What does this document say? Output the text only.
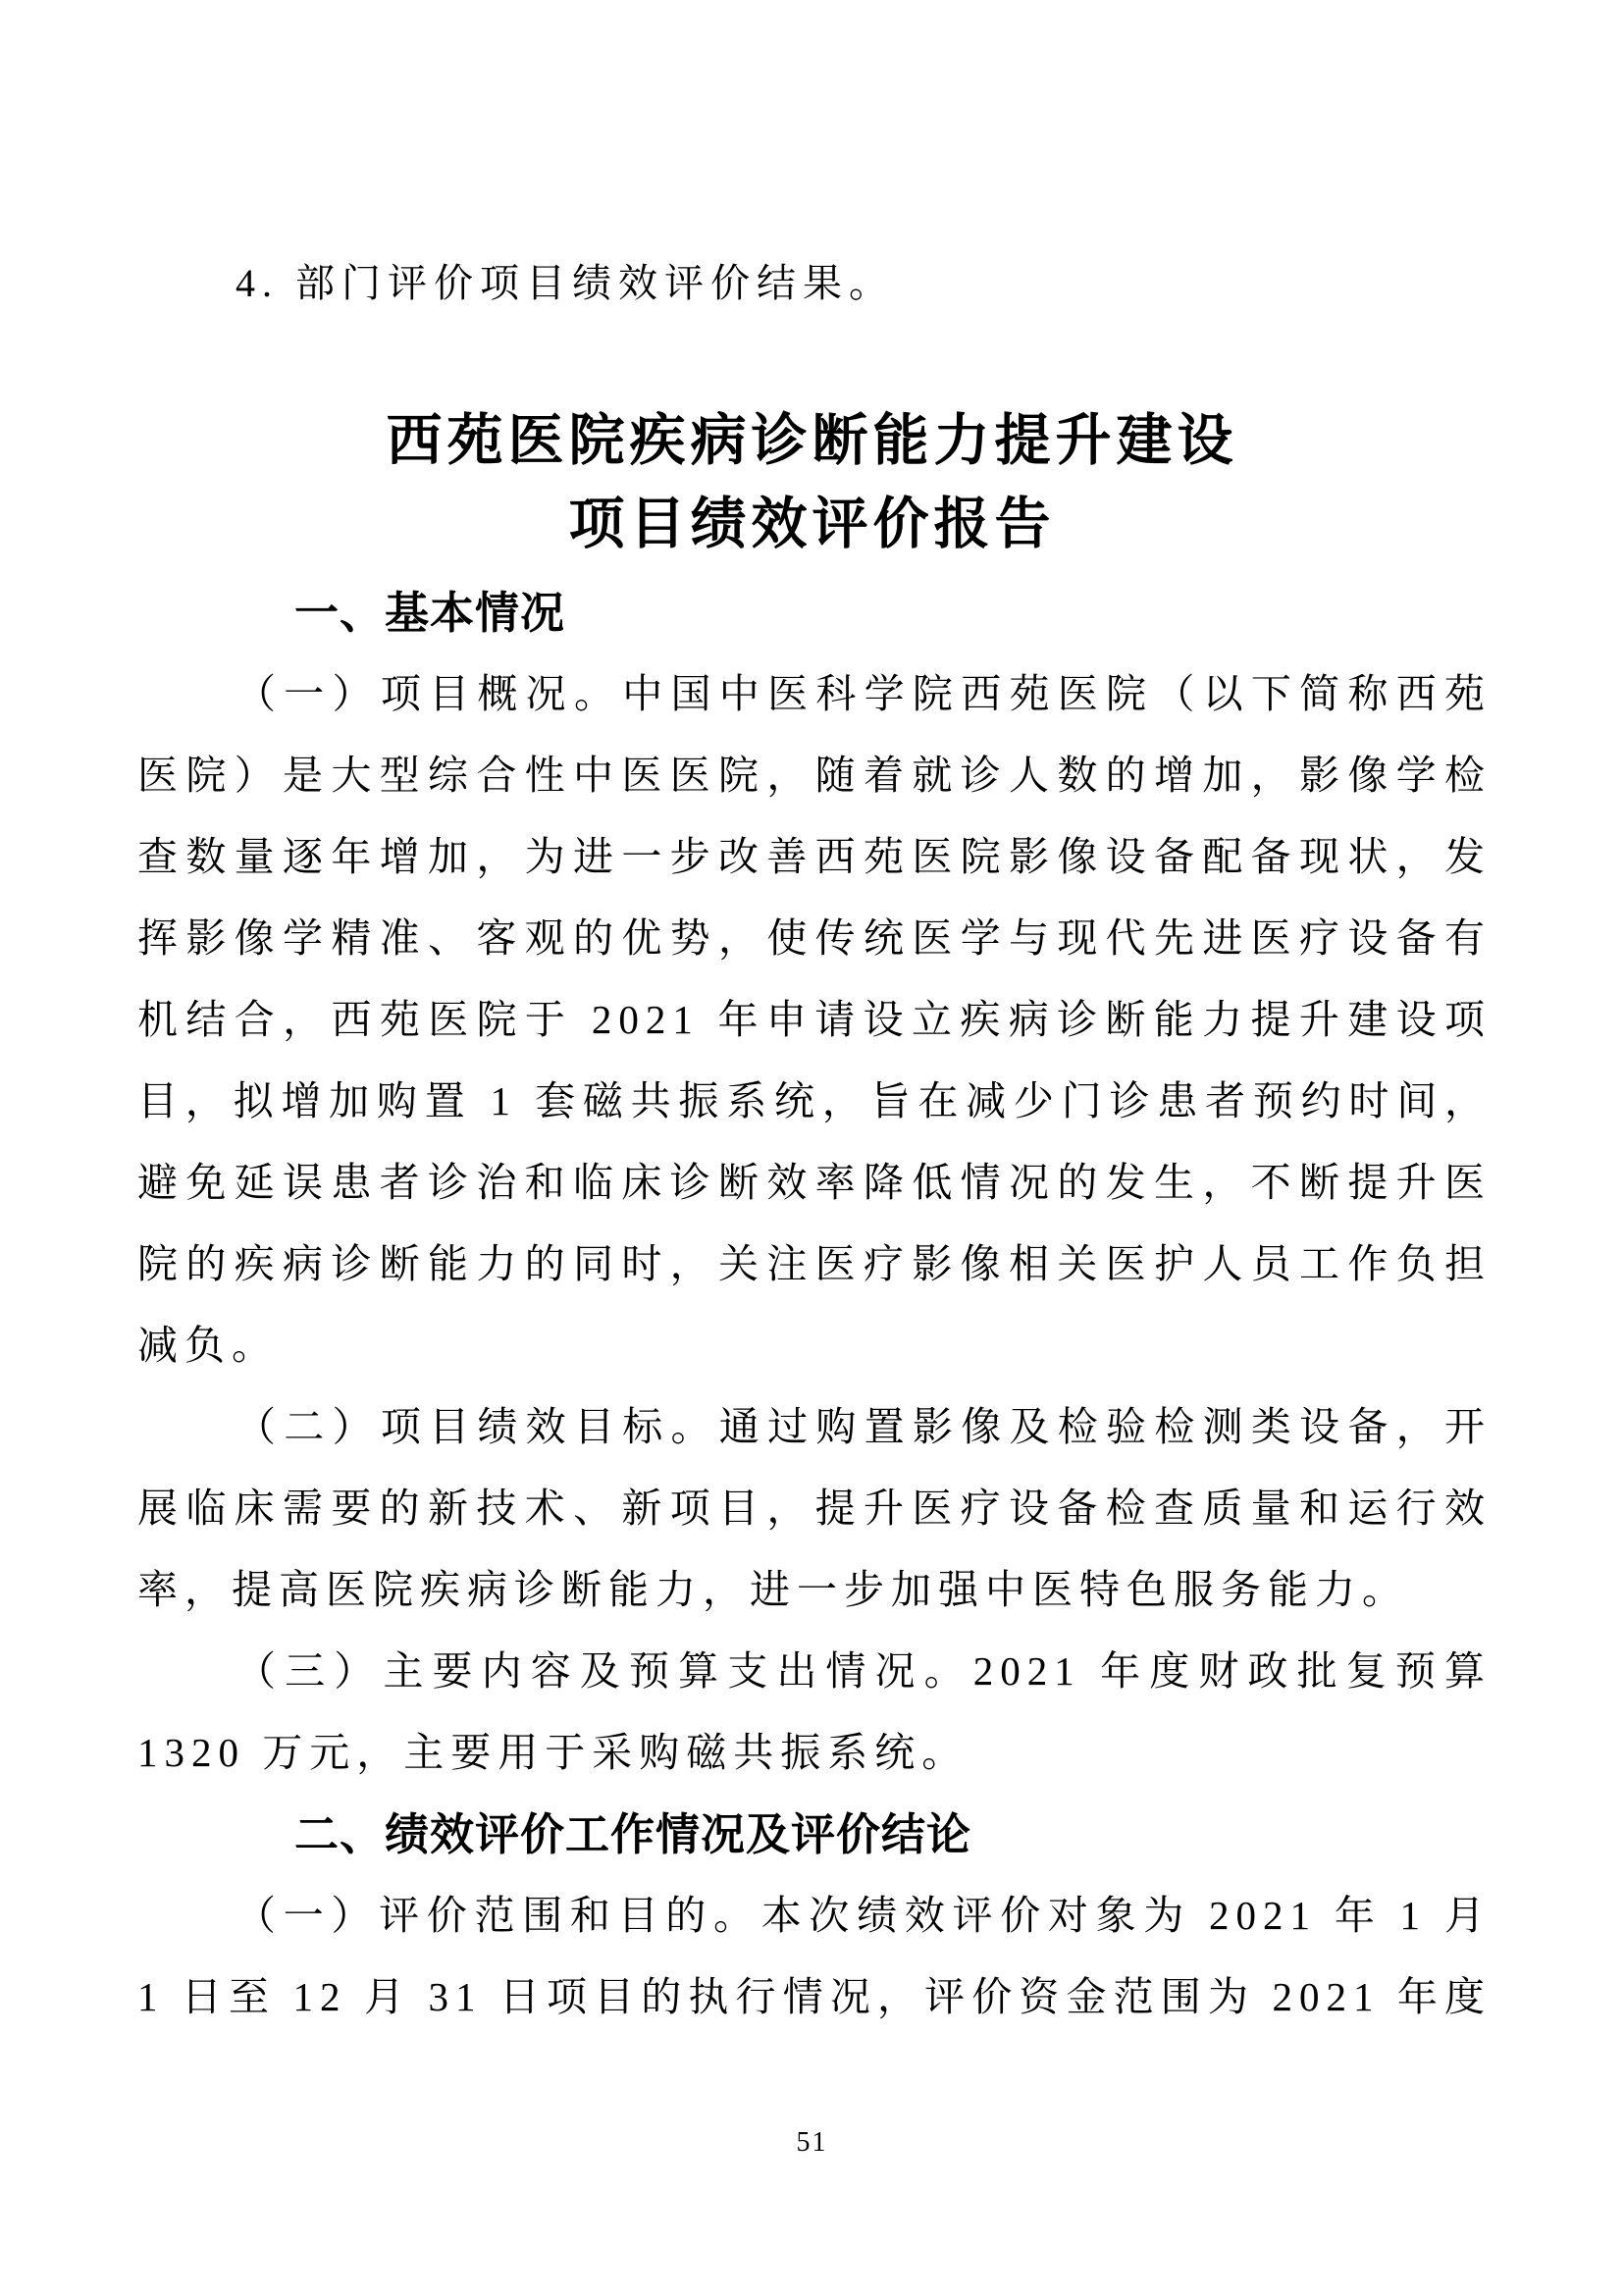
4. 部门评价项目绩效评价结果。
西苑医院疾病诊断能力提升建设
项目绩效评价报告
一、基本情况
（一）项目概况。中国中医科学院西苑医院（以下简称西苑
医院）是大型综合性中医医院，随着就诊人数的增加，影像学检
查数量逐年增加，为进一步改善西苑医院影像设备配备现状，发
挥影像学精准、客观的优势，使传统医学与现代先进医疗设备有
机结合，西苑医院于 2021 年申请设立疾病诊断能力提升建设项
目，拟增加购置 1 套磁共振系统，旨在减少门诊患者预约时间，
避免延误患者诊治和临床诊断效率降低情况的发生，不断提升医
院的疾病诊断能力的同时，关注医疗影像相关医护人员工作负担
减负。
（二）项目绩效目标。通过购置影像及检验检测类设备，开
展临床需要的新技术、新项目，提升医疗设备检查质量和运行效
率，提高医院疾病诊断能力，进一步加强中医特色服务能力。
（三）主要内容及预算支出情况。2021 年度财政批复预算
1320 万元，主要用于采购磁共振系统。
二、绩效评价工作情况及评价结论
（一）评价范围和目的。本次绩效评价对象为 2021 年 1 月
1 日至 12 月 31 日项目的执行情况，评价资金范围为 2021 年度
51
